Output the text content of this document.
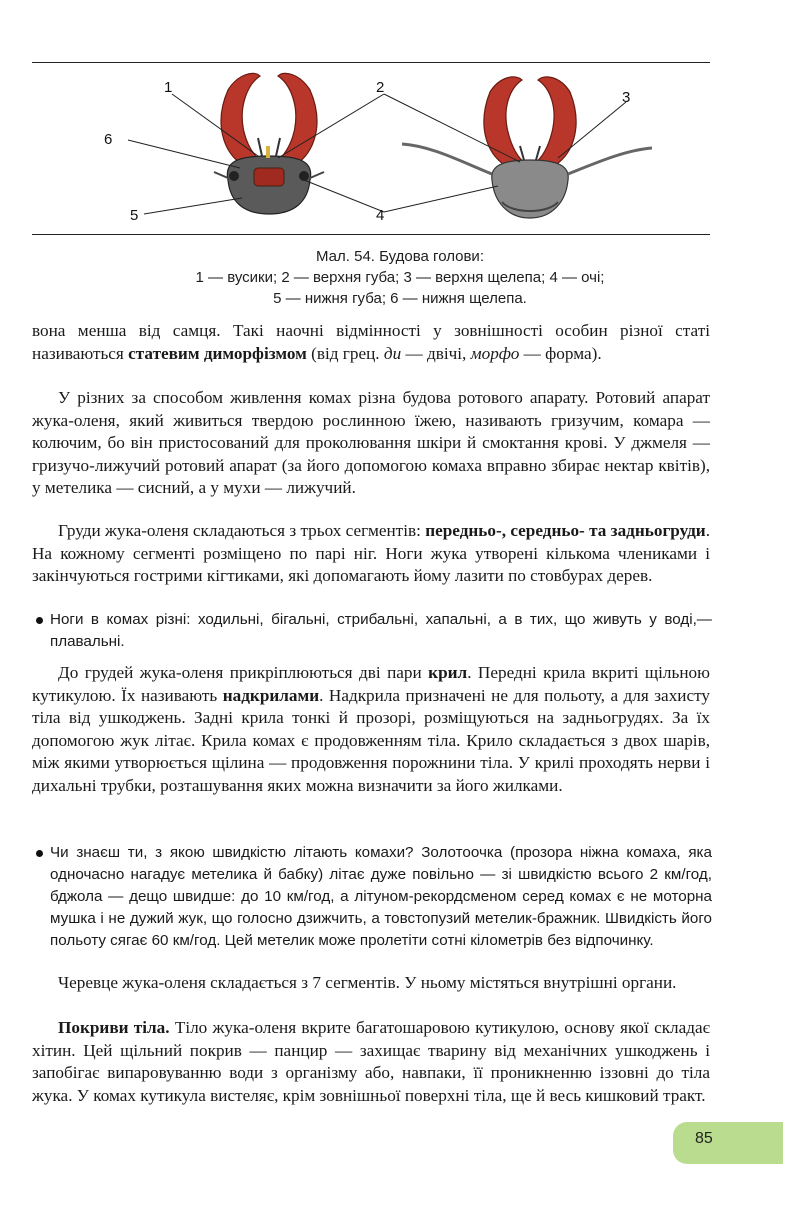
1	2
3
4
5
6
Мал. 54. Будова голови:
1 — вусики; 2 — верхня губа; 3 — верхня щелепа; 4 — очі;
5 — нижня губа; 6 — нижня щелепа.

вона менша від самця. Такі наочні відмінності у зовнішності особин різної статі називаються статевим диморфізмом (від грец. ди — двічі, морфо — форма).

У різних за способом живлення комах різна будова ротового апарату. Ротовий апарат жука-оленя, який живиться твердою рослинною їжею, називають гризучим, комара — колючим, бо він пристосований для проколювання шкіри й смоктання крові. У джмеля — гризучо-лижучий ротовий апарат (за його допомогою комаха вправно збирає нектар квітів), у метелика — сисний, а у мухи — лижучий.

Груди жука-оленя складаються з трьох сегментів: передньо-, середньо- та задньогруди. На кожному сегменті розміщено по парі ніг. Ноги жука утворені кількома члениками і закінчуються гострими кігтиками, які допомагають йому лазити по стовбурах дерев.

Ноги в комах різні: ходильні, бігальні, стрибальні, хапальні, а в тих, що живуть у воді,— плавальні.

До грудей жука-оленя прикріплюються дві пари крил. Передні крила вкриті щільною кутикулою. Їх називають надкрилами. Надкрила призначені не для польоту, а для захисту тіла від ушкоджень. Задні крила тонкі й прозорі, розміщуються на задньогрудях. За їх допомогою жук літає. Крила комах є продовженням тіла. Крило складається з двох шарів, між якими утворюється щілина — продовження порожнини тіла. У крилі проходять нерви і дихальні трубки, розташування яких можна визначити за його жилками.

Чи знаєш ти, з якою швидкістю літають комахи? Золотоочка (прозора ніжна комаха, яка одночасно нагадує метелика й бабку) літає дуже повільно — зі швидкістю всього 2 км/год, бджола — дещо швидше: до 10 км/год, а літуном-рекордсменом серед комах є не моторна мушка і не дужий жук, що голосно дзижчить, а товстопузий метелик-бражник. Швидкість його польоту сягає 60 км/год. Цей метелик може пролетіти сотні кілометрів без відпочинку.

Черевце жука-оленя складається з 7 сегментів. У ньому містяться внутрішні органи.

Покриви тіла. Тіло жука-оленя вкрите багатошаровою кутикулою, основу якої складає хітин. Цей щільний покрив — панцир — захищає тварину від механічних ушкоджень і запобігає випаровуванню води з організму або, навпаки, її проникненню іззовні до тіла жука. У комах кутикула вистеляє, крім зовнішньої поверхні тіла, ще й весь кишковий тракт.

85
